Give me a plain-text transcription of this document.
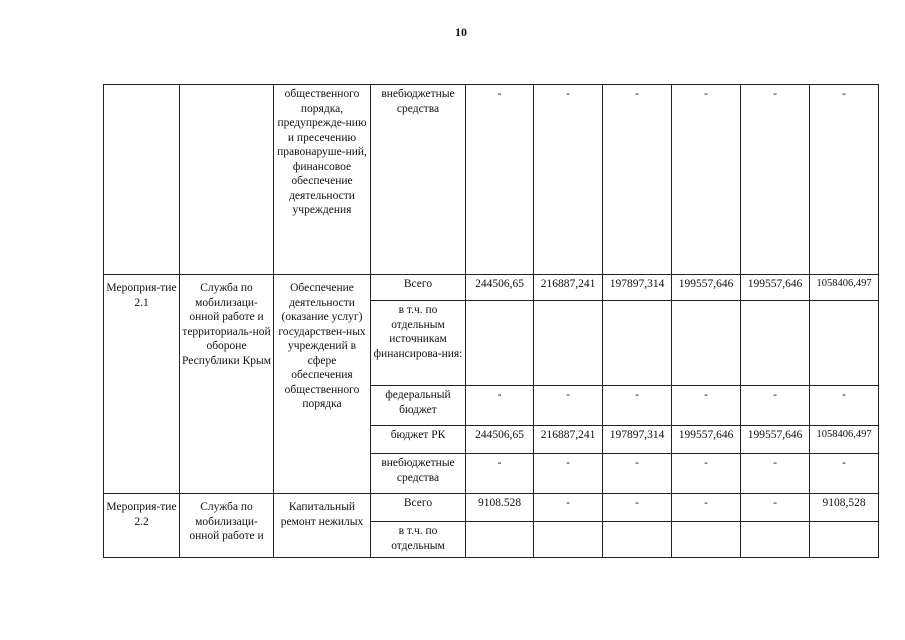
10
		общественного порядка, предупрежде-нию и пресечению правонаруше-ний, финансовое обеспечение деятельности учреждения	внебюджетные средства	-	-	-	-	-	-
Мероприя-тие 2.1	Служба по мобилизаци-онной работе и территориаль-ной обороне Республики Крым	Обеспечение деятельности (оказание услуг) государствен-ных учреждений в сфере обеспечения общественного порядка	Всего	244506,65	216887,241	197897,314	199557,646	199557,646	1058406,497
			в т.ч. по отдельным источникам финансирова-ния:						
			федеральный бюджет	-	-	-	-	-	-
			бюджет РК	244506,65	216887,241	197897,314	199557,646	199557,646	1058406,497
			внебюджетные средства	-	-	-	-	-	-
Мероприя-тие 2.2	Служба по мобилизаци-онной работе и	Капитальный ремонт нежилых	Всего	9108.528	-	-	-	-	9108,528
			в т.ч. по отдельным						
